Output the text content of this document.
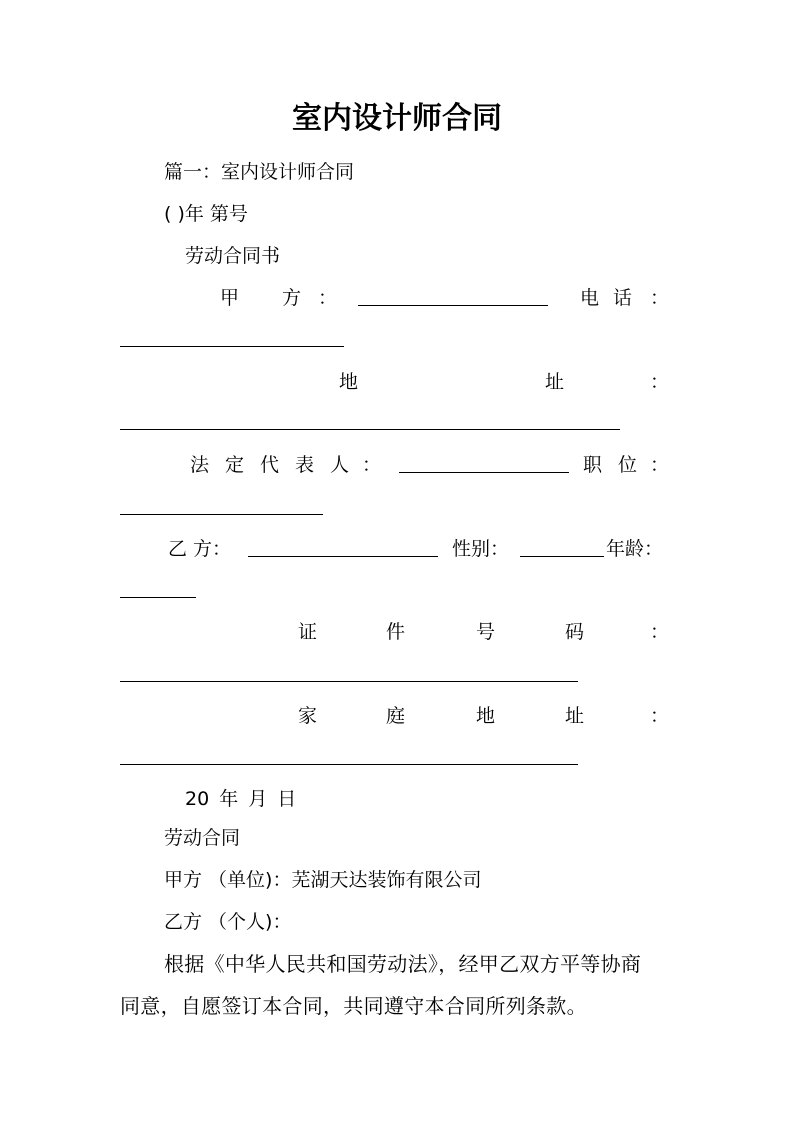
室内设计师合同
篇一：室内设计师合同
( )年 第号
劳动合同书
甲 方 ：	电 话 ：
地	址	：
法 定 代 表 人 ：	职 位 ：
乙 方：	性别：	年龄：
证	件	号	码	：
家	庭	地	址	：
20 年 月 日
劳动合同
甲方 （单位)：芜湖天达装饰有限公司
乙方 （个人)：
根据《中华人民共和国劳动法》，经甲乙双方平等协商
同意，自愿签订本合同，共同遵守本合同所列条款。
